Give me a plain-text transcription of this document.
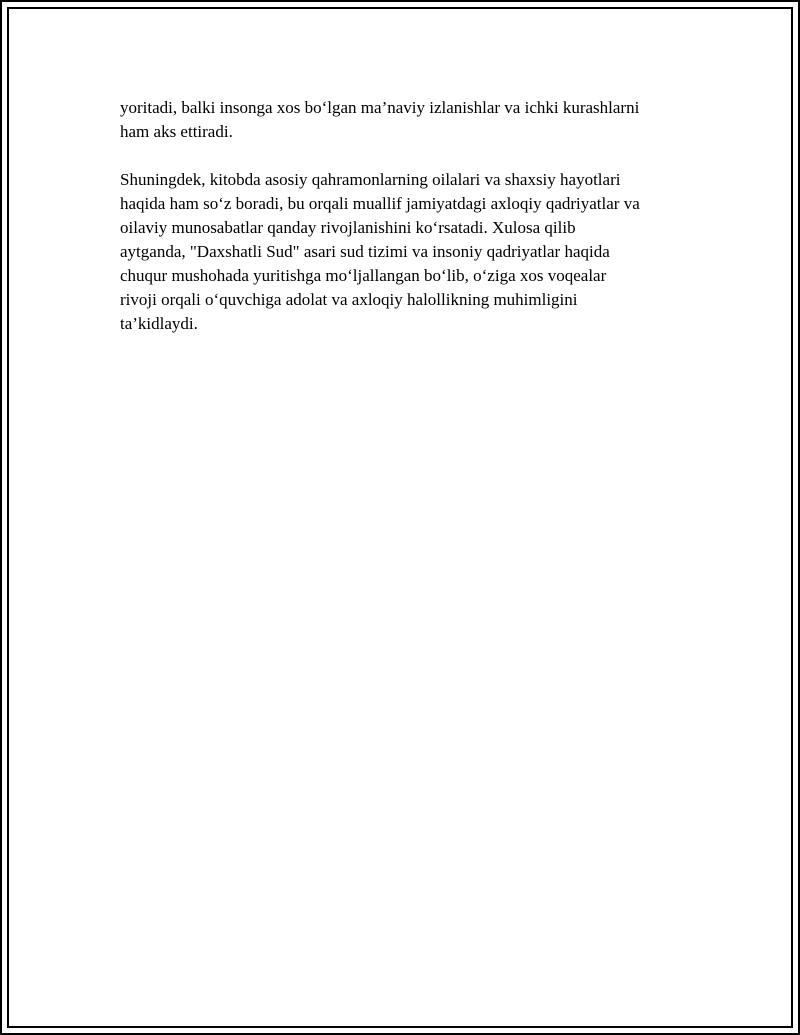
yoritadi, balki insonga xos bo‘lgan ma’naviy izlanishlar va ichki kurashlarni
ham aks ettiradi.

Shuningdek, kitobda asosiy qahramonlarning oilalari va shaxsiy hayotlari
haqida ham so‘z boradi, bu orqali muallif jamiyatdagi axloqiy qadriyatlar va
oilaviy munosabatlar qanday rivojlanishini ko‘rsatadi. Xulosa qilib
aytganda, "Daxshatli Sud" asari sud tizimi va insoniy qadriyatlar haqida
chuqur mushohada yuritishga mo‘ljallangan bo‘lib, o‘ziga xos voqealar
rivoji orqali o‘quvchiga adolat va axloqiy halollikning muhimligini
ta’kidlaydi.
